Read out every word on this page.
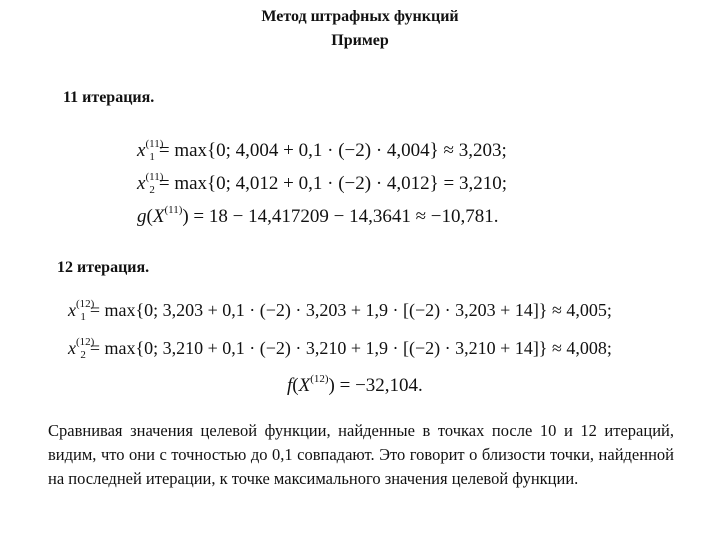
Метод штрафных функций
Пример
11 итерация.
$x^{(11)}_1 = \max\{0$; 4,004 + 0,1 · (−2) · 4,004} ≈ 3,203;
$x^{(11)}_2 = \max\{0$; 4,012 + 0,1 · (−2) · 4,012} = 3,210;
$g(X^{(11)}) = 18 - 14,417209 - 14,3641 \approx -10,781$.
12 итерация.
$x^{(12)}_1 = \max\{0$; 3,203 + 0,1 · (−2) · 3,203 + 1,9 · [(−2) · 3,203 + 14]} ≈ 4,005;
$x^{(12)}_2 = \max\{0$; 3,210 + 0,1 · (−2) · 3,210 + 1,9 · [(−2) · 3,210 + 14]} ≈ 4,008;
$f(X^{(12)}) = -32,104$.
Сравнивая значения целевой функции, найденные в точках после 10 и 12 итераций, видим, что они с точностью до 0,1 совпадают. Это говорит о близости точки, найденной на последней итерации, к точке максимального значения целевой функции.
